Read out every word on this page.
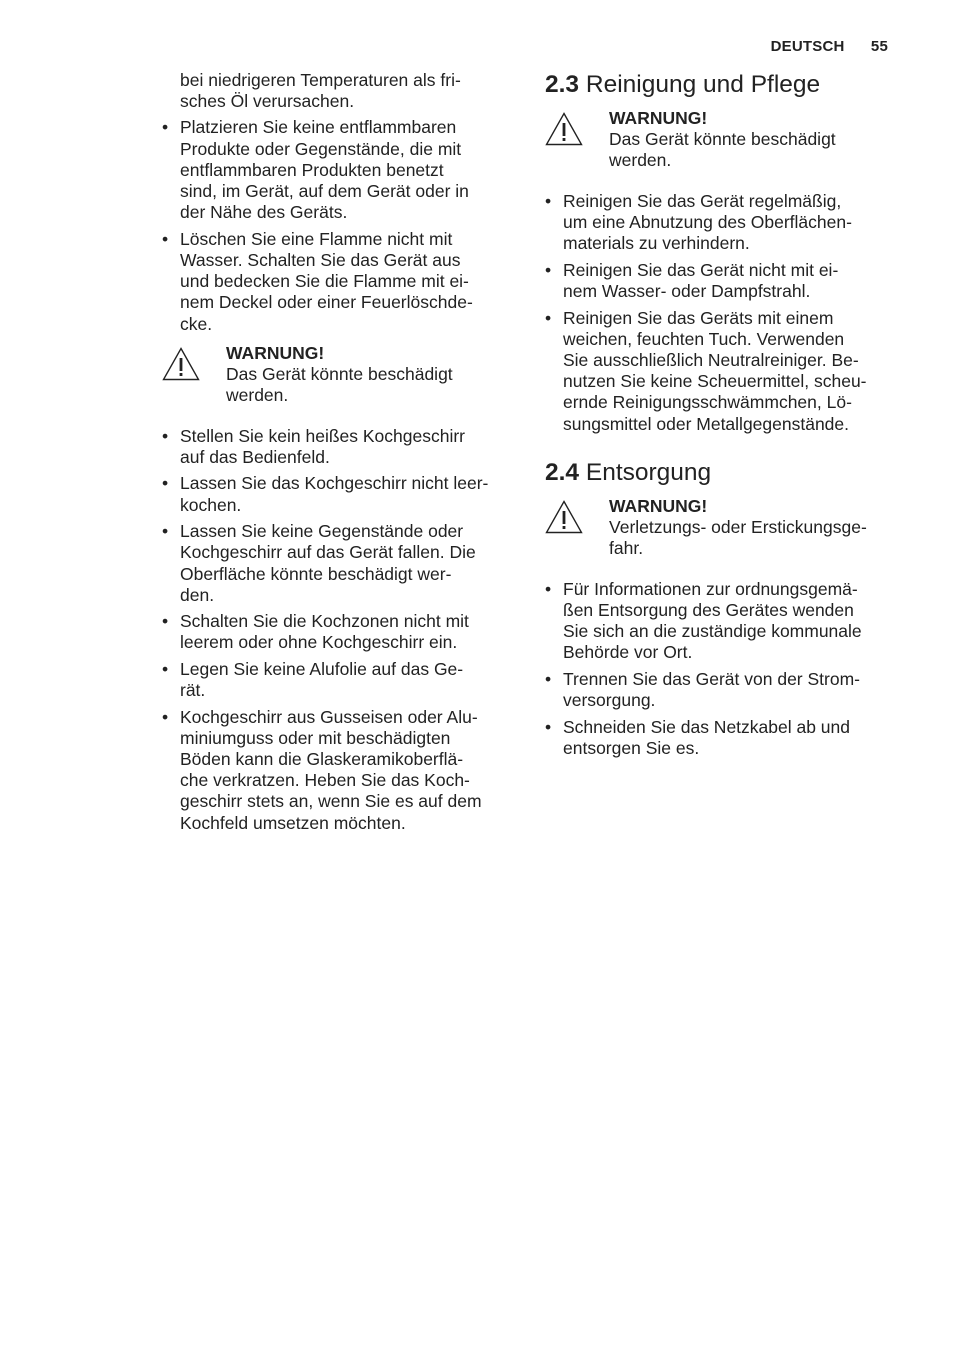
DEUTSCH 55
bei niedrigeren Temperaturen als fri-
sches Öl verursachen.
• Platzieren Sie keine entflammbaren
Produkte oder Gegenstände, die mit
entflammbaren Produkten benetzt
sind, im Gerät, auf dem Gerät oder in
der Nähe des Geräts.
• Löschen Sie eine Flamme nicht mit
Wasser. Schalten Sie das Gerät aus
und bedecken Sie die Flamme mit ei-
nem Deckel oder einer Feuerlöschde-
cke.
WARNUNG!
Das Gerät könnte beschädigt
werden.
• Stellen Sie kein heißes Kochgeschirr
auf das Bedienfeld.
• Lassen Sie das Kochgeschirr nicht leer-
kochen.
• Lassen Sie keine Gegenstände oder
Kochgeschirr auf das Gerät fallen. Die
Oberfläche könnte beschädigt wer-
den.
• Schalten Sie die Kochzonen nicht mit
leerem oder ohne Kochgeschirr ein.
• Legen Sie keine Alufolie auf das Ge-
rät.
• Kochgeschirr aus Gusseisen oder Alu-
miniumguss oder mit beschädigten
Böden kann die Glaskeramikoberflä-
che verkratzen. Heben Sie das Koch-
geschirr stets an, wenn Sie es auf dem
Kochfeld umsetzen möchten.
2.3 Reinigung und Pflege
WARNUNG!
Das Gerät könnte beschädigt
werden.
• Reinigen Sie das Gerät regelmäßig,
um eine Abnutzung des Oberflächen-
materials zu verhindern.
• Reinigen Sie das Gerät nicht mit ei-
nem Wasser- oder Dampfstrahl.
• Reinigen Sie das Geräts mit einem
weichen, feuchten Tuch. Verwenden
Sie ausschließlich Neutralreiniger. Be-
nutzen Sie keine Scheuermittel, scheu-
ernde Reinigungsschwämmchen, Lö-
sungsmittel oder Metallgegenstände.
2.4 Entsorgung
WARNUNG!
Verletzungs- oder Erstickungsge-
fahr.
• Für Informationen zur ordnungsgemä-
ßen Entsorgung des Gerätes wenden
Sie sich an die zuständige kommunale
Behörde vor Ort.
• Trennen Sie das Gerät von der Strom-
versorgung.
• Schneiden Sie das Netzkabel ab und
entsorgen Sie es.
